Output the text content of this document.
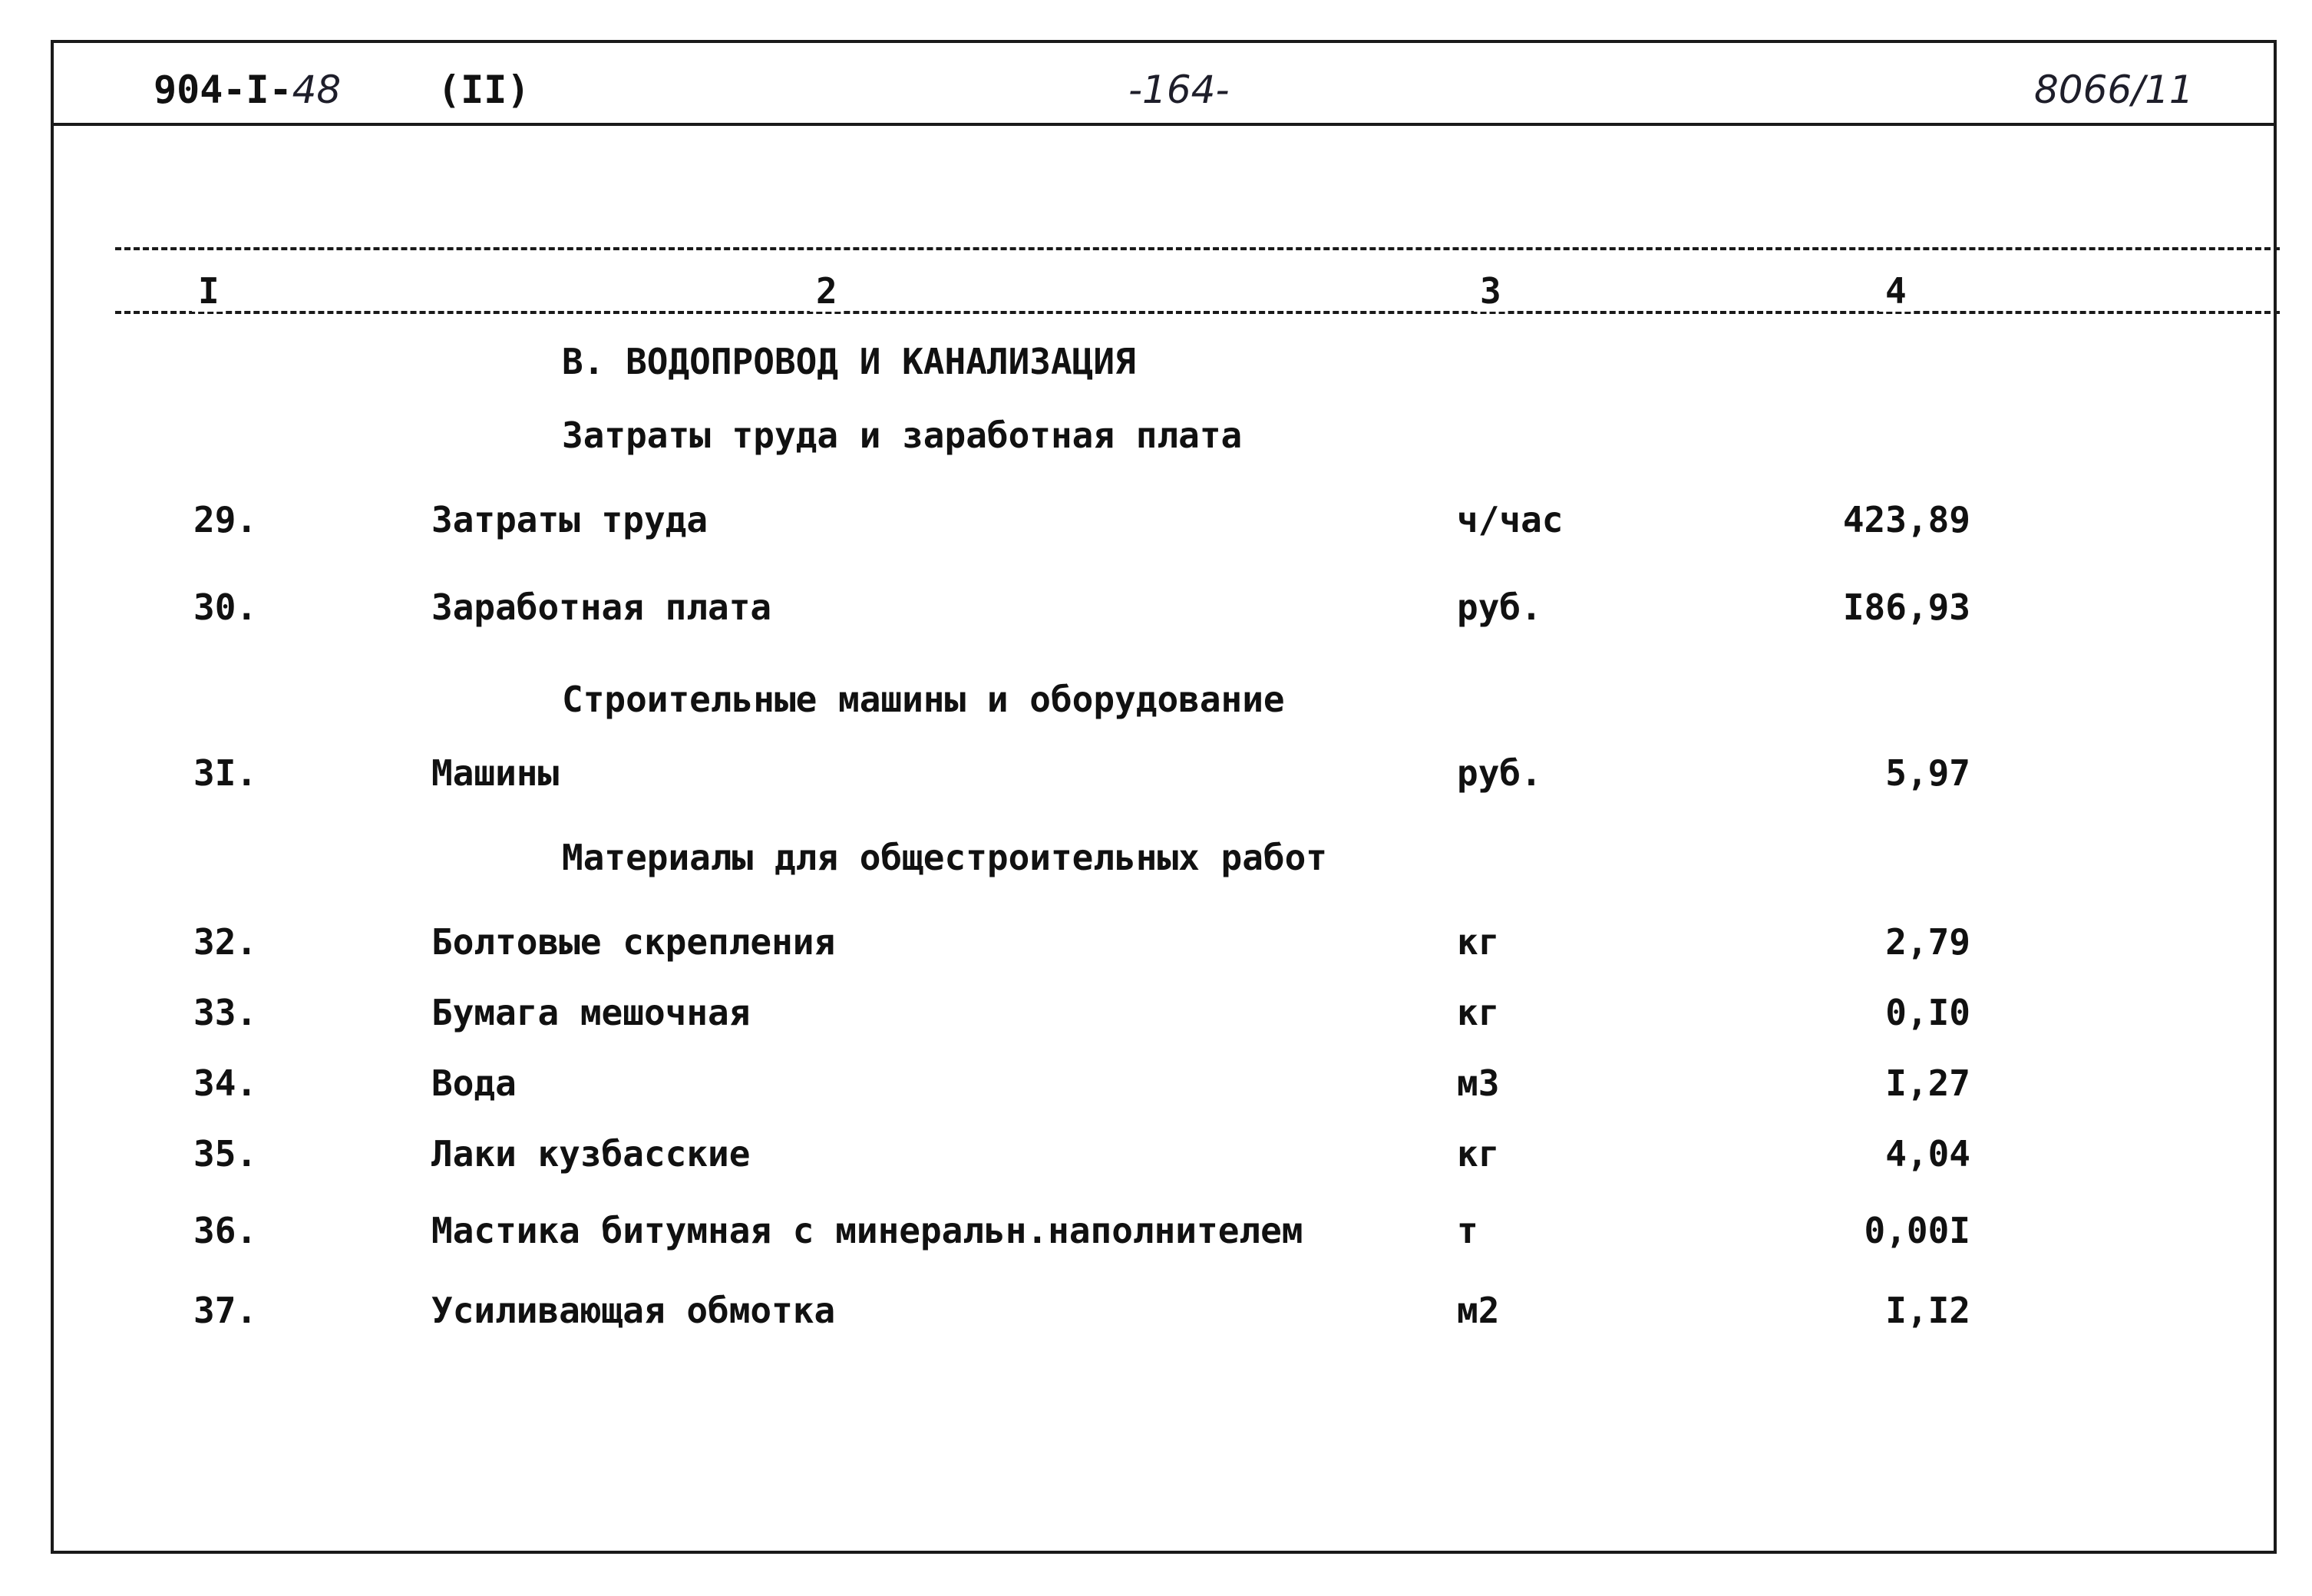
904-I-48	(II)	-164-	8066/11
I	2	3	4
В. ВОДОПРОВОД И КАНАЛИЗАЦИЯ
Затраты труда и заработная плата
29.	Затраты труда	ч/час	423,89
30.	Заработная плата	руб.	I86,93
Строительные машины и оборудование
3I.	Машины	руб.	5,97
Материалы для общестроительных работ
32.	Болтовые скрепления	кг	2,79
33.	Бумага мешочная	кг	0,I0
34.	Вода	м3	I,27
35.	Лаки кузбасские	кг	4,04
36.	Мастика битумная с минеральн.наполнителем	т	0,00I
37.	Усиливающая обмотка	м2	I,I2
